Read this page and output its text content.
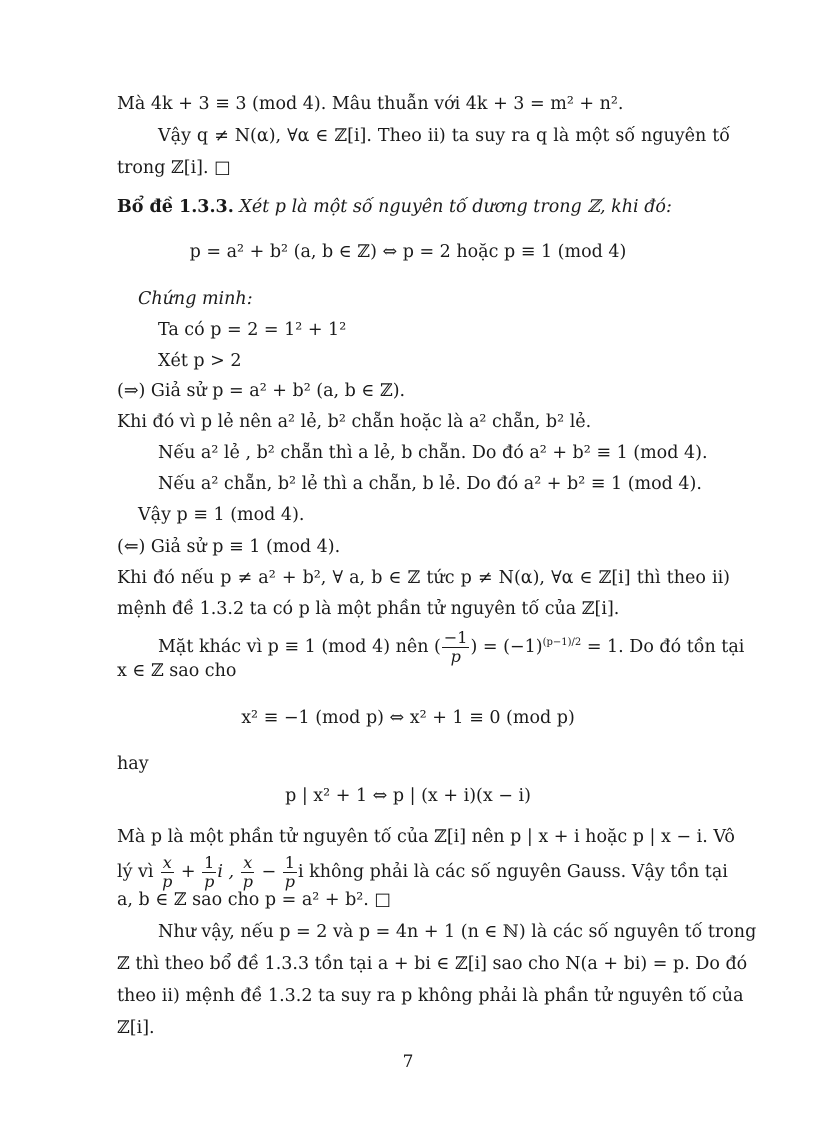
Mà 4k + 3 ≡ 3 (mod 4). Mâu thuẫn với 4k + 3 = m² + n².
Vậy q ≠ N(α), ∀α ∈ ℤ[i]. Theo ii) ta suy ra q là một số nguyên tố
trong ℤ[i]. □
Bổ đề 1.3.3. Xét p là một số nguyên tố dương trong ℤ, khi đó:
p = a² + b² (a, b ∈ ℤ) ⇔ p = 2 hoặc p ≡ 1 (mod 4)
Chứng minh:
Ta có p = 2 = 1² + 1²
Xét p > 2
(⇒) Giả sử p = a² + b² (a, b ∈ ℤ).
Khi đó vì p lẻ nên a² lẻ, b² chẵn hoặc là a² chẵn, b² lẻ.
Nếu a² lẻ , b² chẵn thì a lẻ, b chẵn. Do đó a² + b² ≡ 1 (mod 4).
Nếu a² chẵn, b² lẻ thì a chẵn, b lẻ. Do đó a² + b² ≡ 1 (mod 4).
Vậy p ≡ 1 (mod 4).
(⇐) Giả sử p ≡ 1 (mod 4).
Khi đó nếu p ≠ a² + b², ∀ a, b ∈ ℤ tức p ≠ N(α), ∀α ∈ ℤ[i] thì theo ii)
mệnh đề 1.3.2 ta có p là một phần tử nguyên tố của ℤ[i].
Mặt khác vì p ≡ 1 (mod 4) nên ( $\frac{-1}{p}$ ) = $(-1)^{(p-1)/2} = 1$. Do đó tồn tại
x ∈ ℤ sao cho
x² ≡ −1 (mod p) ⇔ x² + 1 ≡ 0 (mod p)
hay
p | x² + 1 ⇔ p | (x + i)(x − i)
Mà p là một phần tử nguyên tố của ℤ[i] nên p | x + i hoặc p | x − i. Vô
lý vì $\frac{x}{p} + \frac{1}{p}$ i , $\frac{x}{p} - \frac{1}{p}$ i không phải là các số nguyên Gauss. Vậy tồn tại
a, b ∈ ℤ sao cho p = a² + b². □
Như vậy, nếu p = 2 và p = 4n + 1 (n ∈ ℕ) là các số nguyên tố trong
ℤ thì theo bổ đề 1.3.3 tồn tại a + bi ∈ ℤ[i] sao cho N(a + bi) = p. Do đó
theo ii) mệnh đề 1.3.2 ta suy ra p không phải là phần tử nguyên tố của
ℤ[i].
7
